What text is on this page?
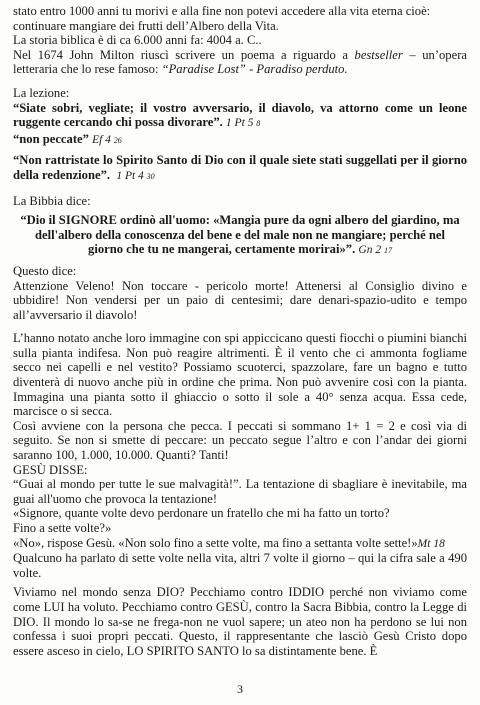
stato entro 1000 anni tu morivi e alla fine non potevi accedere alla vita eterna cioè:

continuare mangiare dei frutti dell’Albero della Vita.

La storia biblica è di ca 6.000 anni fa: 4004 a. C..

Nel 1674 John Milton riuscì scrivere un poema a riguardo a bestseller – un’opera letteraria che lo rese famoso: “Paradise Lost” - Paradiso perduto.

La lezione:

“Siate sobri, vegliate; il vostro avversario, il diavolo, va attorno come un leone ruggente cercando chi possa divorare”. 1 Pt 5 8

“non peccate” Ef 4 26

“Non rattristate lo Spirito Santo di Dio con il quale siete stati suggellati per il giorno della redenzione”. 1 Pt 4 30

La Bibbia dice:

“Dio il SIGNORE ordinò all'uomo: «Mangia pure da ogni albero del giardino, ma dell'albero della conoscenza del bene e del male non ne mangiare; perché nel giorno che tu ne mangerai, certamente morirai»”. Gn 2 17

Questo dice:

Attenzione Veleno! Non toccare - pericolo morte! Attenersi al Consiglio divino e ubbidire! Non vendersi per un paio di centesimi; dare denari-spazio-udito e tempo all’avversario il diavolo!

L’hanno notato anche loro immagine con spi appiccicano questi fiocchi o piumini bianchi sulla pianta indifesa. Non può reagire altrimenti. È il vento che ci ammonta fogliame secco nei capelli e nel vestito? Possiamo scuoterci, spazzolare, fare un bagno e tutto diventerà di nuovo anche più in ordine che prima. Non può avvenire così con la pianta. Immagina una pianta sotto il ghiaccio o sotto il sole a 40° senza acqua. Essa cede, marcisce o si secca.

Così avviene con la persona che pecca. I peccati si sommano 1+ 1 = 2 e così via di seguito. Se non si smette di peccare: un peccato segue l’altro e con l’andar dei giorni saranno 100, 1.000, 10.000. Quanti? Tanti!

GESÙ DISSE:

“Guai al mondo per tutte le sue malvagità!”. La tentazione di sbagliare è inevitabile, ma guai all'uomo che provoca la tentazione!

«Signore, quante volte devo perdonare un fratello che mi ha fatto un torto?

Fino a sette volte?»

«No», rispose Gesù. «Non solo fino a sette volte, ma fino a settanta volte sette!»Mt 18

Qualcuno ha parlato di sette volte nella vita, altri 7 volte il giorno – qui la cifra sale a 490 volte.

Viviamo nel mondo senza DIO? Pecchiamo contro IDDIO perché non viviamo come come LUI ha voluto. Pecchiamo contro GESÙ, contro la Sacra Bibbia, contro la Legge di DIO. Il mondo lo sa-se ne frega-non ne vuol sapere; un ateo non ha perdono se lui non confessa i suoi propri peccati. Questo, il rappresentante che lasciò Gesù Cristo dopo essere asceso in cielo, LO SPIRITO SANTO lo sa distintamente bene. È

3
